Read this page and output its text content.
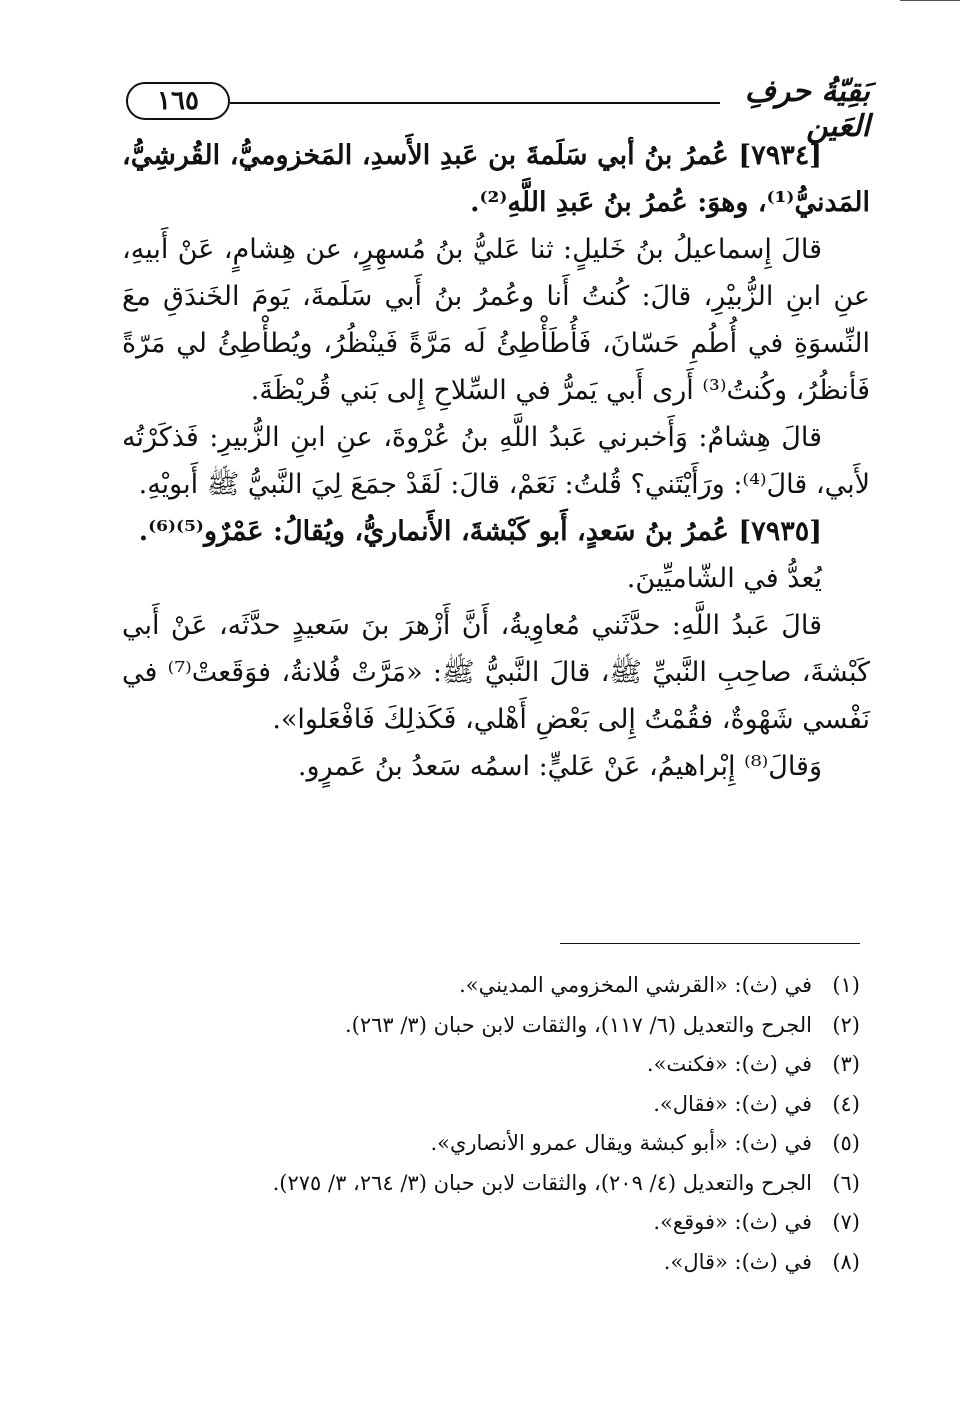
١٦٥	بَقِيّةُ حرفِ العَين

[٧٩٣٤] عُمرُ بنُ أبي سَلَمةَ بن عَبدِ الأَسدِ، المَخزوميُّ، القُرشِيُّ، المَدنيُّ⁽¹⁾، وهوَ: عُمرُ بنُ عَبدِ اللَّهِ⁽²⁾.

قالَ إِسماعيلُ بنُ خَليلٍ: ثنا عَليُّ بنُ مُسهِرٍ، عن هِشامٍ، عَنْ أَبيهِ، عنِ ابنِ الزُّبيْرِ، قالَ: كُنتُ أَنا وعُمرُ بنُ أَبي سَلَمةَ، يَومَ الخَندَقِ معَ النِّسوَةِ في أُطُمِ حَسّانَ، فَأُطَأْطِئُ لَه مَرَّةً فَينْظُرُ، ويُطأْطِئُ لي مَرّةً فَأنظُرُ، وكُنتُ⁽³⁾ أَرى أَبي يَمرُّ في السِّلاحِ إِلى بَني قُريْظَةَ.

قالَ هِشامٌ: وَأَخبرني عَبدُ اللَّهِ بنُ عُرْوةَ، عنِ ابنِ الزُّبيرِ: فَذكَرْتُه لأَبي، قالَ⁽⁴⁾: ورَأَيْتَني؟ قُلتُ: نَعَمْ، قالَ: لَقَدْ جمَعَ لِيَ النَّبيُّ ﷺ أَبويْهِ.

[٧٩٣٥] عُمرُ بنُ سَعدٍ، أَبو كَبْشةَ، الأَنماريُّ، ويُقالُ: عَمْرٌو⁽⁵⁾⁽⁶⁾.

يُعدُّ في الشّاميِّينَ.

قالَ عَبدُ اللَّهِ: حدَّثَني مُعاوِيةُ، أَنَّ أَزْهرَ بنَ سَعيدٍ حدَّثَه، عَنْ أَبي كَبْشةَ، صاحِبِ النَّبيِّ ﷺ، قالَ النَّبيُّ ﷺ: «مَرَّتْ فُلانةُ، فوَقَعتْ⁽⁷⁾ في نَفْسي شَهْوةٌ، فقُمْتُ إِلى بَعْضِ أَهْلي، فَكَذلِكَ فَافْعَلوا».

وَقالَ⁽⁸⁾ إِبْراهيمُ، عَنْ عَليٍّ: اسمُه سَعدُ بنُ عَمرٍو.

(١)
في (ث): «القرشي المخزومي المديني».
(٢)
الجرح والتعديل (٦/ ١١٧)، والثقات لابن حبان (٣/ ٢٦٣).
(٣)
في (ث): «فكنت».
(٤)
في (ث): «فقال».
(٥)
في (ث): «أبو كبشة ويقال عمرو الأنصاري».
(٦)
الجرح والتعديل (٤/ ٢٠٩)، والثقات لابن حبان (٣/ ٢٦٤، ٣/ ٢٧٥).
(٧)
في (ث): «فوقع».
(٨)
في (ث): «قال».
